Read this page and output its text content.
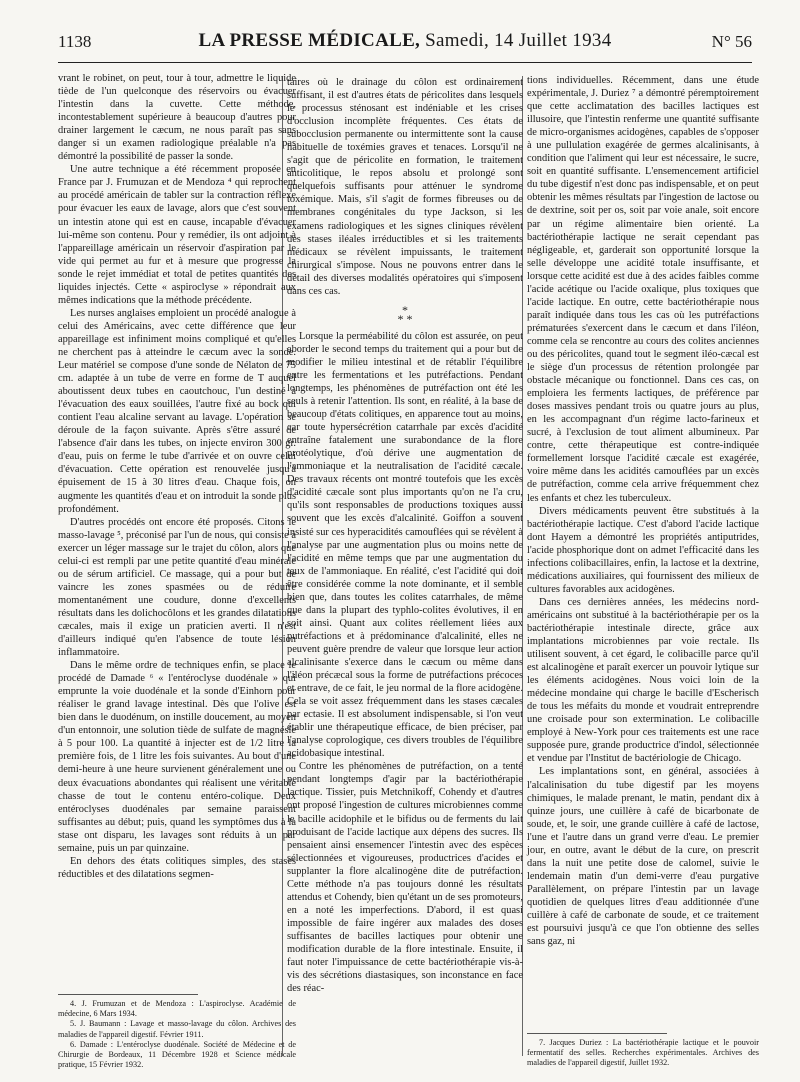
1138	LA PRESSE MÉDICALE, Samedi, 14 Juillet 1934	N° 56

vrant le robinet, on peut, tour à tour, admettre le liquide tiède de l'un quelconque des réservoirs ou évacuer l'intestin dans la cuvette. Cette méthode, incontestablement supérieure à beaucoup d'autres pour drainer largement le cæcum, ne nous paraît pas sans danger si un examen radiologique préalable n'a pas démontré la possibilité de passer la sonde.

Une autre technique a été récemment proposée en France par J. Frumuzan et de Mendoza ⁴ qui reprochent au procédé américain de tabler sur la contraction réflexe pour évacuer les eaux de lavage, alors que c'est souvent un intestin atone qui est en cause, incapable d'évacuer lui-même son contenu. Pour y remédier, ils ont adjoint à l'appareillage américain un réservoir d'aspiration par le vide qui permet au fur et à mesure que progresse la sonde le rejet immédiat et total de petites quantités des liquides injectés. Cette « aspiroclyse » répondrait aux mêmes indications que la méthode précédente.

Les nurses anglaises emploient un procédé analogue à celui des Américains, avec cette différence que leur appareillage est infiniment moins compliqué et qu'elles ne cherchent pas à atteindre le cæcum avec la sonde. Leur matériel se compose d'une sonde de Nélaton de 75 cm. adaptée à un tube de verre en forme de T auquel aboutissent deux tubes en caoutchouc, l'un destiné à l'évacuation des eaux souillées, l'autre fixé au bock qui contient l'eau alcaline servant au lavage. L'opération se déroule de la façon suivante. Après s'être assuré de l'absence d'air dans les tubes, on injecte environ 300 gr. d'eau, puis on ferme le tube d'arrivée et on ouvre celui d'évacuation. Cette opération est renouvelée jusqu'à épuisement de 15 à 30 litres d'eau. Chaque fois, on augmente les quantités d'eau et on introduit la sonde plus profondément.

D'autres procédés ont encore été proposés. Citons le masso-lavage ⁵, préconisé par l'un de nous, qui consiste à exercer un léger massage sur le trajet du côlon, alors que celui-ci est rempli par une petite quantité d'eau minérale ou de sérum artificiel. Ce massage, qui a pour but de vaincre les zones spasmées ou de réduire momentanément une coudure, donne d'excellents résultats dans les dolichocôlons et les grandes dilatations cæcales, mais il exige un praticien averti. Il n'est d'ailleurs indiqué qu'en l'absence de toute lésion inflammatoire.

Dans le même ordre de techniques enfin, se place le procédé de Damade ⁶ « l'entéroclyse duodénale » qui emprunte la voie duodénale et la sonde d'Einhorn pour réaliser le grand lavage intestinal. Dès que l'olive est bien dans le duodénum, on instille doucement, au moyen d'un entonnoir, une solution tiède de sulfate de magnésie à 5 pour 100. La quantité à injecter est de 1/2 litre la première fois, de 1 litre les fois suivantes. Au bout d'une demi-heure à une heure survienent généralement une ou deux évacuations abondantes qui réalisent une véritable chasse de tout le contenu entéro-colique. Deux entéroclyses duodénales par semaine paraissent suffisantes au début; puis, quand les symptômes dus à la stase ont disparu, les lavages sont réduits à un par semaine, puis un par quinzaine.

En dehors des états colitiques simples, des stases réductibles et des dilatations segmen-

4. J. Frumuzan et de Mendoza : L'aspiroclyse. Académie de médecine, 6 Mars 1934.
5. J. Baumann : Lavage et masso-lavage du côlon. Archives des maladies de l'appareil digestif. Février 1911.
6. Damade : L'entéroclyse duodénale. Société de Médecine et de Chirurgie de Bordeaux, 11 Décembre 1928 et Science médicale pratique, 15 Février 1932.

taires où le drainage du côlon est ordinairement suffisant, il est d'autres états de péricolites dans lesquels le processus sténosant est indéniable et les crises d'occlusion incomplète fréquentes. Ces états de subocclusion permanente ou intermittente sont la cause habituelle de toxémies graves et tenaces. Lorsqu'il ne s'agit que de péricolite en formation, le traitement anticolitique, le repos absolu et prolongé sont quelquefois suffisants pour atténuer le syndrome toxémique. Mais, s'il s'agit de formes fibreuses ou de membranes congénitales du type Jackson, si les examens radiologiques et les signes cliniques révèlent des stases iléales irréductibles et si les traitements médicaux se révèlent impuissants, le traitement chirurgical s'impose. Nous ne pouvons entrer dans le détail des diverses modalités opératoires qui s'imposent dans ces cas.

*
* *

Lorsque la perméabilité du côlon est assurée, on peut aborder le second temps du traitement qui a pour but de modifier le milieu intestinal et de rétablir l'équilibre entre les fermentations et les putréfactions. Pendant longtemps, les phénomènes de putréfaction ont été les seuls à retenir l'attention. Ils sont, en réalité, à la base de beaucoup d'états colitiques, en apparence tout au moins, car toute hypersécrétion catarrhale par excès d'acidité entraîne fatalement une surabondance de la flore protéolytique, d'où dérive une augmentation de l'ammoniaque et la neutralisation de l'acidité cæcale. Des travaux récents ont montré toutefois que les excès d'acidité cæcale sont plus importants qu'on ne l'a cru, qu'ils sont responsables de productions toxiques aussi souvent que les excès d'alcalinité. Goiffon a souvent insisté sur ces hyperacidités camouflées qui se révèlent à l'analyse par une augmentation plus ou moins nette de l'acidité en même temps que par une augmentation du taux de l'ammoniaque. En réalité, c'est l'acidité qui doit être considérée comme la note dominante, et il semble bien que, dans toutes les colites catarrhales, de même que dans la plupart des typhlo-colites évolutives, il en soit ainsi. Quant aux colites réellement liées aux putréfactions et à prédominance d'alcalinité, elles ne peuvent guère prendre de valeur que lorsque leur action alcalinisante s'exerce dans le cæcum ou même dans l'iléon précæcal sous la forme de putréfactions précoces et entrave, de ce fait, le jeu normal de la flore acidogène. Cela se voit assez fréquemment dans les stases cæcales par ectasie. Il est absolument indispensable, si l'on veut établir une thérapeutique efficace, de bien préciser, par l'analyse coprologique, ces divers troubles de l'équilibre acidobasique intestinal.

Contre les phénomènes de putréfaction, on a tenté pendant longtemps d'agir par la bactériothérapie lactique. Tissier, puis Metchnikoff, Cohendy et d'autres ont proposé l'ingestion de cultures microbiennes comme le bacille acidophile et le bifidus ou de ferments du lait produisant de l'acide lactique aux dépens des sucres. Ils pensaient ainsi ensemencer l'intestin avec des espèces sélectionnées et vigoureuses, productrices d'acides et supplanter la flore alcalinogène dite de putréfaction. Cette méthode n'a pas toujours donné les résultats attendus et Cohendy, bien qu'étant un de ses promoteurs, en a noté les imperfections. D'abord, il est quasi impossible de faire ingérer aux malades des doses suffisantes de bacilles lactiques pour obtenir une modification durable de la flore intestinale. Ensuite, il faut noter l'impuissance de cette bactériothérapie vis-à-vis des sécrétions diastasiques, son inconstance en face des réac-

tions individuelles. Récemment, dans une étude expérimentale, J. Duriez ⁷ a démontré péremptoirement que cette acclimatation des bacilles lactiques est illusoire, que l'intestin renferme une quantité suffisante de micro-organismes acidogènes, capables de s'opposer à une pullulation exagérée de germes alcalinisants, à condition que l'aliment qui leur est nécessaire, le sucre, soit en quantité suffisante. L'ensemencement artificiel du tube digestif n'est donc pas indispensable, et on peut obtenir les mêmes résultats par l'ingestion de lactose ou de dextrine, soit per os, soit par voie anale, soit encore par un régime alimentaire bien orienté. La bactériothérapie lactique ne serait cependant pas négligeable, et, garderait son opportunité lorsque la selle développe une acidité totale insuffisante, et lorsque cette acidité est due à des acides faibles comme l'acide acétique ou l'acide oxalique, plus toxiques que l'acide lactique. En outre, cette bactériothérapie nous paraît indiquée dans tous les cas où les putréfactions prématurées s'exercent dans le cæcum et dans l'iléon, comme cela se rencontre au cours des colites anciennes ou des péricolites, quand tout le segment iléo-cæcal est le siège d'un processus de rétention prolongée par obstacle mécanique ou fonctionnel. Dans ces cas, on emploiera les ferments lactiques, de préférence par doses massives pendant trois ou quatre jours au plus, en les accompagnant d'un régime lacto-farineux et sucré, à l'exclusion de tout aliment albumineux. Par contre, cette thérapeutique est contre-indiquée formellement lorsque l'acidité cæcale est exagérée, voire même dans les acidités camouflées par un excès de putréfaction, comme cela arrive fréquemment chez les enfants et chez les tuberculeux.

Divers médicaments peuvent être substitués à la bactériothérapie lactique. C'est d'abord l'acide lactique dont Hayem a démontré les propriétés antiputrides, l'acide phosphorique dont on admet l'efficacité dans les infections colibacillaires, enfin, la lactose et la dextrine, médications auxiliaires, qui fournissent des milieux de cultures favorables aux acidogènes.

Dans ces dernières années, les médecins nord-américains ont substitué à la bactériothérapie per os la bactériothérapie intestinale directe, grâce aux implantations microbiennes par voie rectale. Ils utilisent souvent, à cet égard, le colibacille parce qu'il est alcalinogène et paraît exercer un pouvoir lytique sur les éléments acidogènes. Nous voici loin de la médecine mondaine qui charge le bacille d'Escherisch de tous les méfaits du monde et voudrait entreprendre une croisade pour son extermination. Le colibacille employé à New-York pour ces traitements est une race supposée pure, grande productrice d'indol, sélectionnée et vendue par l'Institut de bactériologie de Chicago.

Les implantations sont, en général, associées à l'alcalinisation du tube digestif par les moyens chimiques, le malade prenant, le matin, pendant dix à quinze jours, une cuillère à café de bicarbonate de soude, et, le soir, une grande cuillère à café de lactose, l'une et l'autre dans un grand verre d'eau. Le premier jour, en outre, avant le début de la cure, on prescrit dans la nuit une petite dose de calomel, suivie le lendemain matin d'un demi-verre d'eau purgative Parallèlement, on prépare l'intestin par un lavage quotidien de quelques litres d'eau additionnée d'une cuillère à café de carbonate de soude, et ce traitement est poursuivi jusqu'à ce que l'on obtienne des selles sans gaz, ni

7. Jacques Duriez : La bactériothérapie lactique et le pouvoir fermentatif des selles. Recherches expérimentales. Archives des maladies de l'appareil digestif, Juillet 1932.
